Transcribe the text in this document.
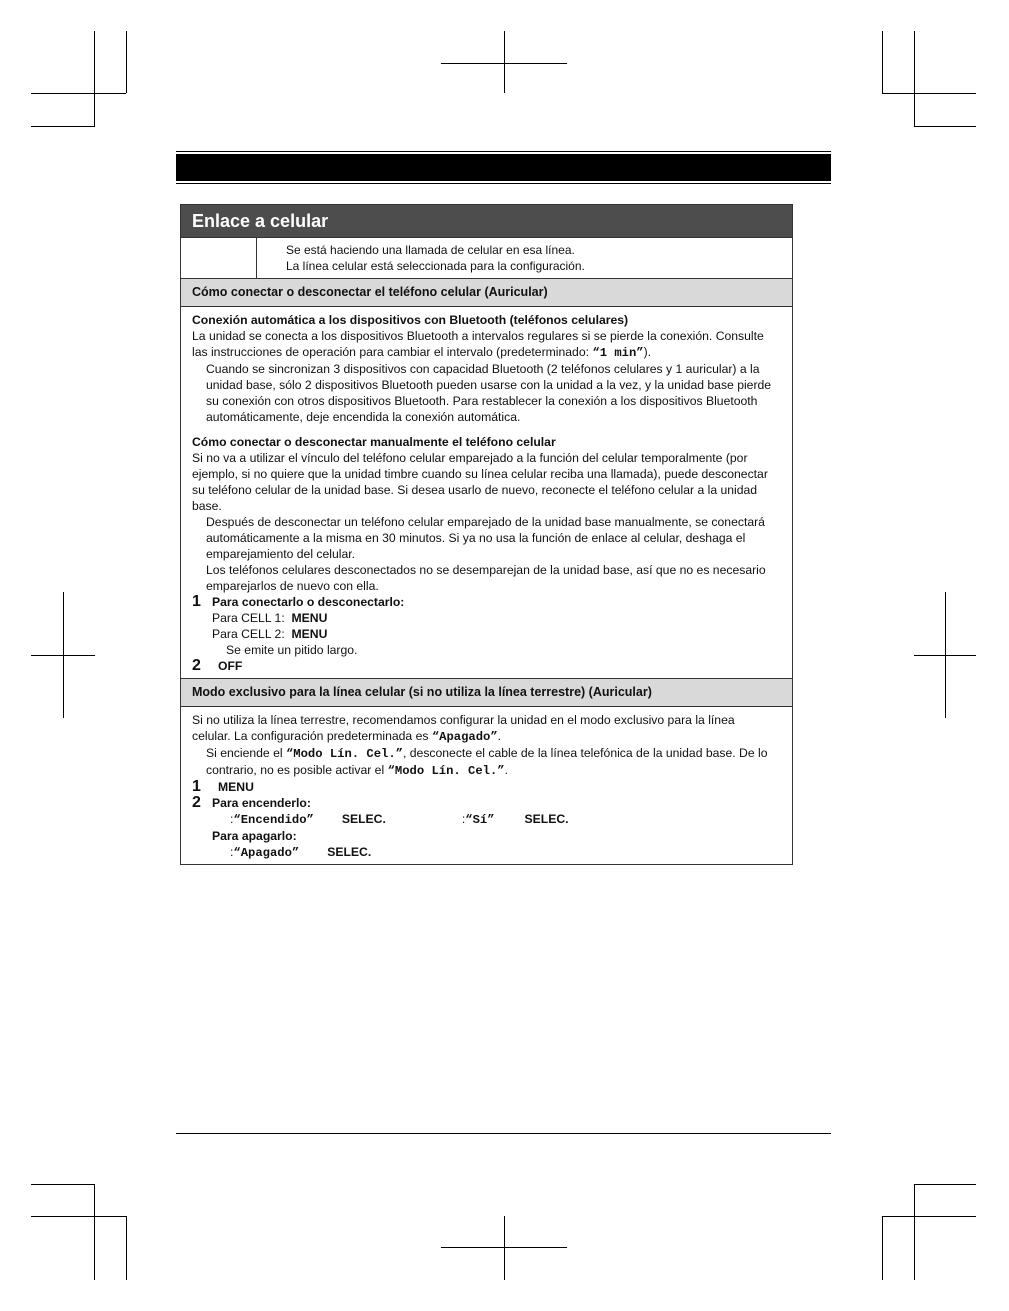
Enlace a celular
Se está haciendo una llamada de celular en esa línea.
La línea celular está seleccionada para la configuración.
Cómo conectar o desconectar el teléfono celular (Auricular)
Conexión automática a los dispositivos con Bluetooth (teléfonos celulares)
La unidad se conecta a los dispositivos Bluetooth a intervalos regulares si se pierde la conexión. Consulte
las instrucciones de operación para cambiar el intervalo (predeterminado: “1 min”).
Cuando se sincronizan 3 dispositivos con capacidad Bluetooth (2 teléfonos celulares y 1 auricular) a la
unidad base, sólo 2 dispositivos Bluetooth pueden usarse con la unidad a la vez, y la unidad base pierde
su conexión con otros dispositivos Bluetooth. Para restablecer la conexión a los dispositivos Bluetooth
automáticamente, deje encendida la conexión automática.
Cómo conectar o desconectar manualmente el teléfono celular
Si no va a utilizar el vínculo del teléfono celular emparejado a la función del celular temporalmente (por
ejemplo, si no quiere que la unidad timbre cuando su línea celular reciba una llamada), puede desconectar
su teléfono celular de la unidad base. Si desea usarlo de nuevo, reconecte el teléfono celular a la unidad
base.
Después de desconectar un teléfono celular emparejado de la unidad base manualmente, se conectará
automáticamente a la misma en 30 minutos. Si ya no usa la función de enlace al celular, deshaga el
emparejamiento del celular.
Los teléfonos celulares desconectados no se desemparejan de la unidad base, así que no es necesario
emparejarlos de nuevo con ella.
1 Para conectarlo o desconectarlo:
Para CELL 1: MENU
Para CELL 2: MENU
Se emite un pitido largo.
2	OFF
Modo exclusivo para la línea celular (si no utiliza la línea terrestre) (Auricular)
Si no utiliza la línea terrestre, recomendamos configurar la unidad en el modo exclusivo para la línea
celular. La configuración predeterminada es “Apagado”.
Si enciende el “Modo Lín. Cel.”, desconecte el cable de la línea telefónica de la unidad base. De lo
contrario, no es posible activar el “Modo Lín. Cel.”.
1	MENU
2 Para encenderlo:
:“Encendido” SELEC.	:“Sí” SELEC.
Para apagarlo:
:“Apagado” SELEC.
